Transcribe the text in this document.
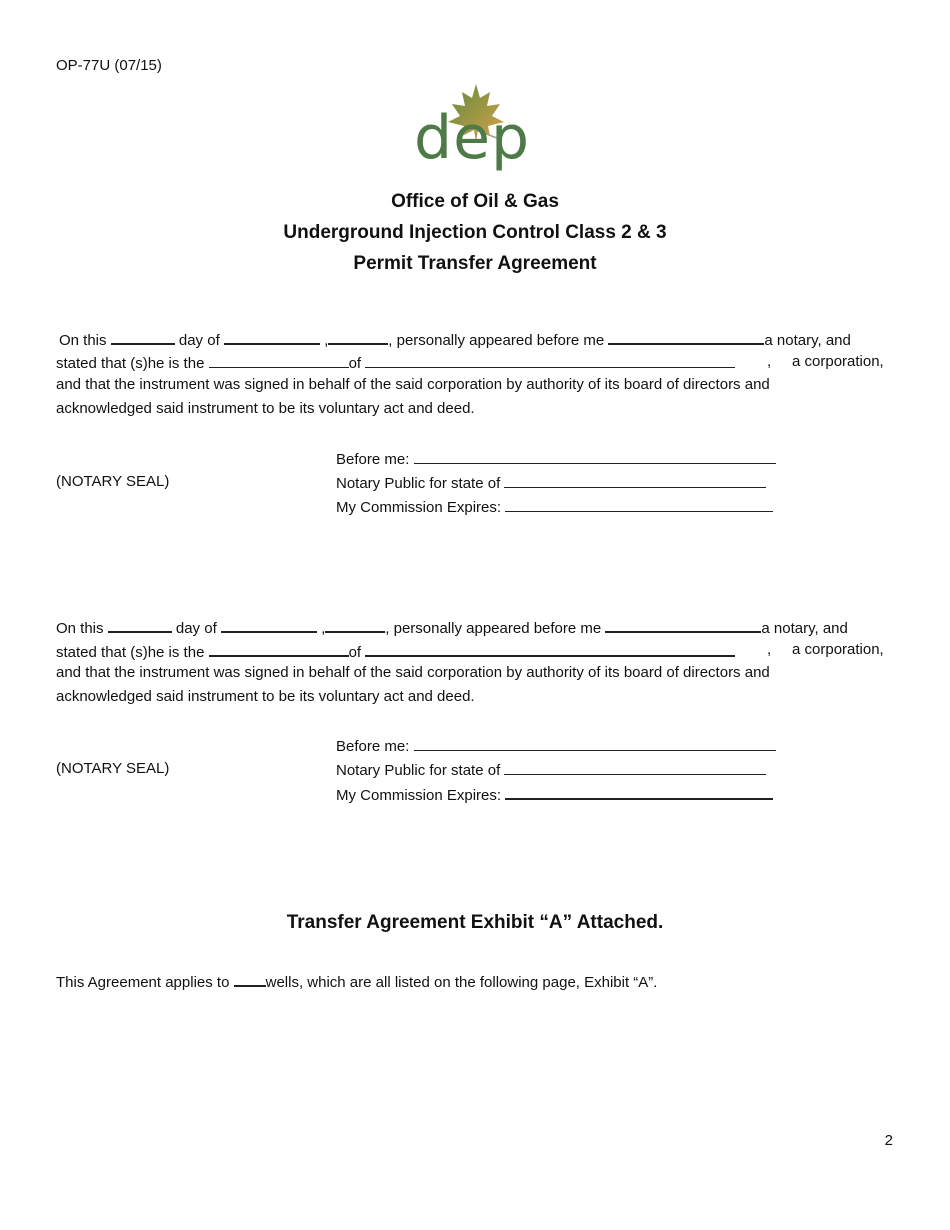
OP-77U (07/15)
dep
Office of Oil & Gas
Underground Injection Control Class 2 & 3
Permit Transfer Agreement
On this	day of	,	, personally appeared before me	a notary, and
stated that (s)he is the	of	, a corporation,
and that the instrument was signed in behalf of the said corporation by authority of its board of directors and
acknowledged said instrument to be its voluntary act and deed.
Before me:
(NOTARY SEAL)	Notary Public for state of
My Commission Expires:
On this	day of	,	, personally appeared before me	a notary, and
stated that (s)he is the	of	, a corporation,
and that the instrument was signed in behalf of the said corporation by authority of its board of directors and
acknowledged said instrument to be its voluntary act and deed.
Before me:
(NOTARY SEAL)	Notary Public for state of
My Commission Expires:
Transfer Agreement Exhibit “A” Attached.
This Agreement applies to wells, which are all listed on the following page, Exhibit “A”.
2
